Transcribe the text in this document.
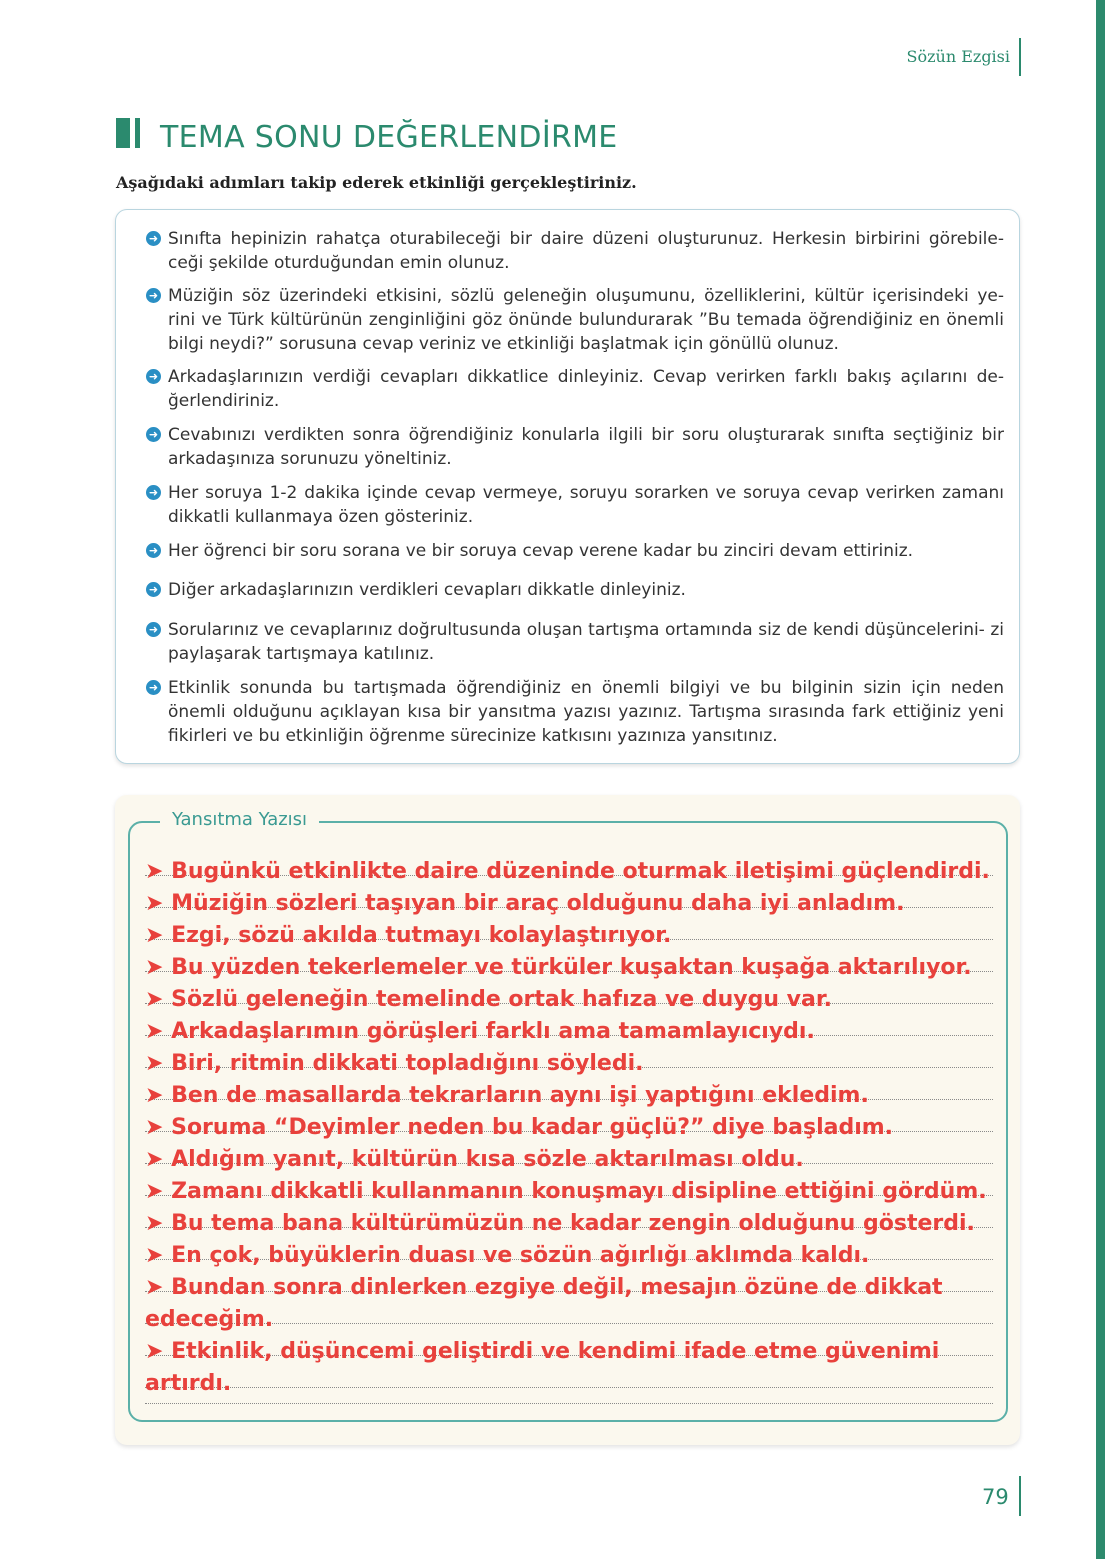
Sözün Ezgisi
TEMA SONU DEĞERLENDİRME
Aşağıdaki adımları takip ederek etkinliği gerçekleştiriniz.
➜ Sınıfta hepinizin rahatça oturabileceği bir daire düzeni oluşturunuz. Herkesin birbirini görebile- ceği şekilde oturduğundan emin olunuz.
➜ Müziğin söz üzerindeki etkisini, sözlü geleneğin oluşumunu, özelliklerini, kültür içerisindeki ye- rini ve Türk kültürünün zenginliğini göz önünde bulundurarak ”Bu temada öğrendiğiniz en önemli bilgi neydi?” sorusuna cevap veriniz ve etkinliği başlatmak için gönüllü olunuz.
➜ Arkadaşlarınızın verdiği cevapları dikkatlice dinleyiniz. Cevap verirken farklı bakış açılarını de- ğerlendiriniz.
➜ Cevabınızı verdikten sonra öğrendiğiniz konularla ilgili bir soru oluşturarak sınıfta seçtiğiniz bir arkadaşınıza sorunuzu yöneltiniz.
➜ Her soruya 1-2 dakika içinde cevap vermeye, soruyu sorarken ve soruya cevap verirken zamanı dikkatli kullanmaya özen gösteriniz.
➜ Her öğrenci bir soru sorana ve bir soruya cevap verene kadar bu zinciri devam ettiriniz.
➜ Diğer arkadaşlarınızın verdikleri cevapları dikkatle dinleyiniz.
➜ Sorularınız ve cevaplarınız doğrultusunda oluşan tartışma ortamında siz de kendi düşüncelerini- zi paylaşarak tartışmaya katılınız.
➜ Etkinlik sonunda bu tartışmada öğrendiğiniz en önemli bilgiyi ve bu bilginin sizin için neden önemli olduğunu açıklayan kısa bir yansıtma yazısı yazınız. Tartışma sırasında fark ettiğiniz yeni fikirleri ve bu etkinliğin öğrenme sürecinize katkısını yazınıza yansıtınız.
Yansıtma Yazısı
➤ Bugünkü etkinlikte daire düzeninde oturmak iletişimi güçlendirdi.
➤ Müziğin sözleri taşıyan bir araç olduğunu daha iyi anladım.
➤ Ezgi, sözü akılda tutmayı kolaylaştırıyor.
➤ Bu yüzden tekerlemeler ve türküler kuşaktan kuşağa aktarılıyor.
➤ Sözlü geleneğin temelinde ortak hafıza ve duygu var.
➤ Arkadaşlarımın görüşleri farklı ama tamamlayıcıydı.
➤ Biri, ritmin dikkati topladığını söyledi.
➤ Ben de masallarda tekrarların aynı işi yaptığını ekledim.
➤ Soruma “Deyimler neden bu kadar güçlü?” diye başladım.
➤ Aldığım yanıt, kültürün kısa sözle aktarılması oldu.
➤ Zamanı dikkatli kullanmanın konuşmayı disipline ettiğini gördüm.
➤ Bu tema bana kültürümüzün ne kadar zengin olduğunu gösterdi.
➤ En çok, büyüklerin duası ve sözün ağırlığı aklımda kaldı.
➤ Bundan sonra dinlerken ezgiye değil, mesajın özüne de dikkat edeceğim.
➤ Etkinlik, düşüncemi geliştirdi ve kendimi ifade etme güvenimi artırdı.
79
